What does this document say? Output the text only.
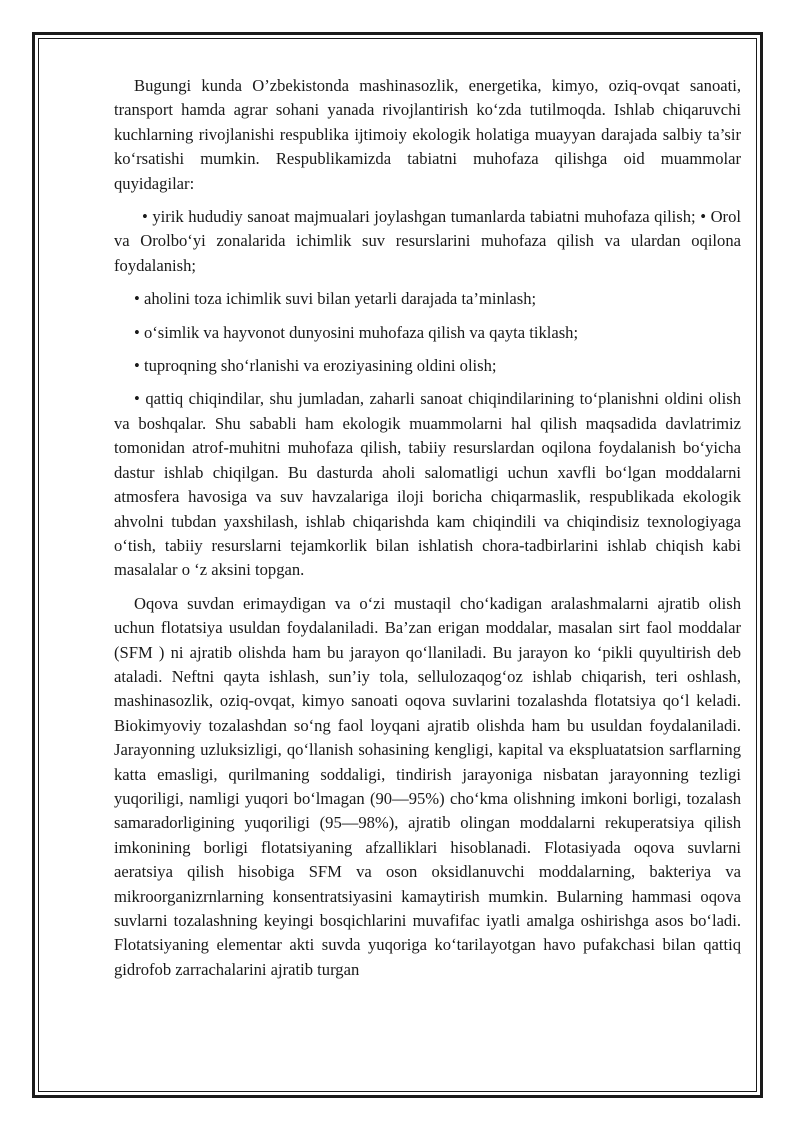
Bugungi kunda O’zbekistonda mashinasozlik, energetika, kimyo, oziq-ovqat sanoati, transport hamda agrar sohani yanada rivojlantirish ko‘zda tutilmoqda. Ishlab chiqaruvchi kuchlarning rivojlanishi respublika ijtimoiy ekologik holatiga muayyan darajada salbiy ta’sir ko‘rsatishi mumkin. Respublikamizda tabiatni muhofaza qilishga oid muammolar quyidagilar:

• yirik hududiy sanoat majmualari joylashgan tumanlarda tabiatni muhofaza qilish; • Orol va Orolbo‘yi zonalarida ichimlik suv resurslarini muhofaza qilish va ulardan oqilona foydalanish;

• aholini toza ichimlik suvi bilan yetarli darajada ta’minlash;

• o‘simlik va hayvonot dunyosini muhofaza qilish va qayta tiklash;

• tuproqning sho‘rlanishi va eroziyasining oldini olish;

• qattiq chiqindilar, shu jumladan, zaharli sanoat chiqindilarining to‘planishni oldini olish va boshqalar. Shu sababli ham ekologik muammolarni hal qilish maqsadida davlatrimiz tomonidan atrof-muhitni muhofaza qilish, tabiiy resurslardan oqilona foydalanish bo‘yicha dastur ishlab chiqilgan. Bu dasturda aholi salomatligi uchun xavfli bo‘lgan moddalarni atmosfera havosiga va suv havzalariga iloji boricha chiqarmaslik, respublikada ekologik ahvolni tubdan yaxshilash, ishlab chiqarishda kam chiqindili va chiqindisiz texnologiyaga o‘tish, tabiiy resurslarni tejamkorlik bilan ishlatish chora-tadbirlarini ishlab chiqish kabi masalalar o ‘z aksini topgan.

Oqova suvdan erimaydigan va o‘zi mustaqil cho‘kadigan aralashmalarni ajratib olish uchun flotatsiya usuldan foydalaniladi. Ba’zan erigan moddalar, masalan sirt faol moddalar (SFM ) ni ajratib olishda ham bu jarayon qo‘llaniladi. Bu jarayon ko ‘pikli quyultirish deb ataladi. Neftni qayta ishlash, sun’iy tola, sellulozaqog‘oz ishlab chiqarish, teri oshlash, mashinasozlik, oziq-ovqat, kimyo sanoati oqova suvlarini tozalashda flotatsiya qo‘l keladi. Biokimyoviy tozalashdan so‘ng faol loyqani ajratib olishda ham bu usuldan foydalaniladi. Jarayonning uzluksizligi, qo‘llanish sohasining kengligi, kapital va ekspluatatsion sarflarning katta emasligi, qurilmaning soddaligi, tindirish jarayoniga nisbatan jarayonning tezligi yuqoriligi, namligi yuqori bo‘lmagan (90—95%) cho‘kma olishning imkoni borligi, tozalash samaradorligining yuqoriligi (95—98%), ajratib olingan moddalarni rekuperatsiya qilish imkonining borligi flotatsiyaning afzalliklari hisoblanadi. Flotasiyada oqova suvlarni aeratsiya qilish hisobiga SFM va oson oksidlanuvchi moddalarning, bakteriya va mikroorganizrnlarning konsentratsiyasini kamaytirish mumkin. Bularning hammasi oqova suvlarni tozalashning keyingi bosqichlarini muvafifac iyatli amalga oshirishga asos bo‘ladi. Flotatsiyaning elementar akti suvda yuqoriga ko‘tarilayotgan havo pufakchasi bilan qattiq gidrofob zarrachalarini ajratib turgan
